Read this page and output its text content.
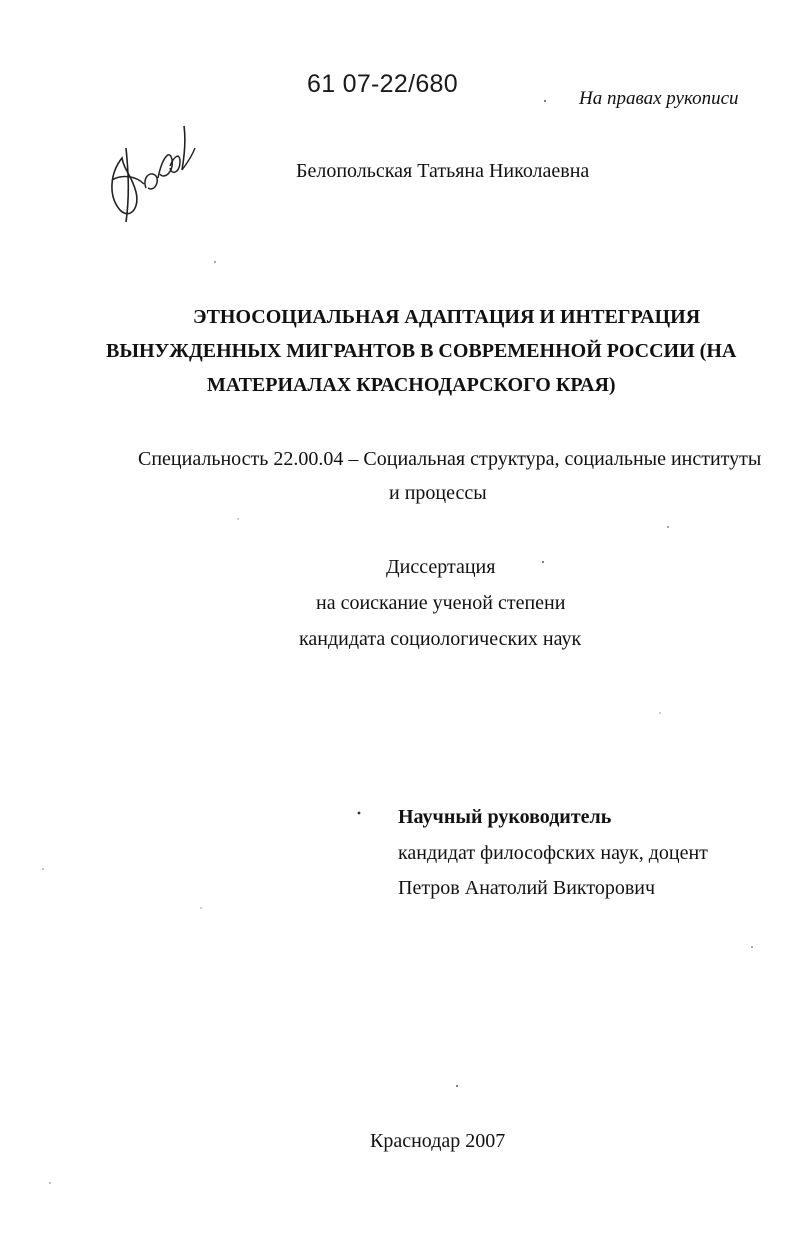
61 07-22/680
На правах рукописи
Белопольская Татьяна Николаевна
ЭТНОСОЦИАЛЬНАЯ АДАПТАЦИЯ И ИНТЕГРАЦИЯ
ВЫНУЖДЕННЫХ МИГРАНТОВ В СОВРЕМЕННОЙ РОССИИ (НА
МАТЕРИАЛАХ КРАСНОДАРСКОГО КРАЯ)
Специальность 22.00.04 – Социальная структура, социальные институты
и процессы
Диссертация
на соискание ученой степени
кандидата социологических наук
Научный руководитель
кандидат философских наук, доцент
Петров Анатолий Викторович
Краснодар 2007
